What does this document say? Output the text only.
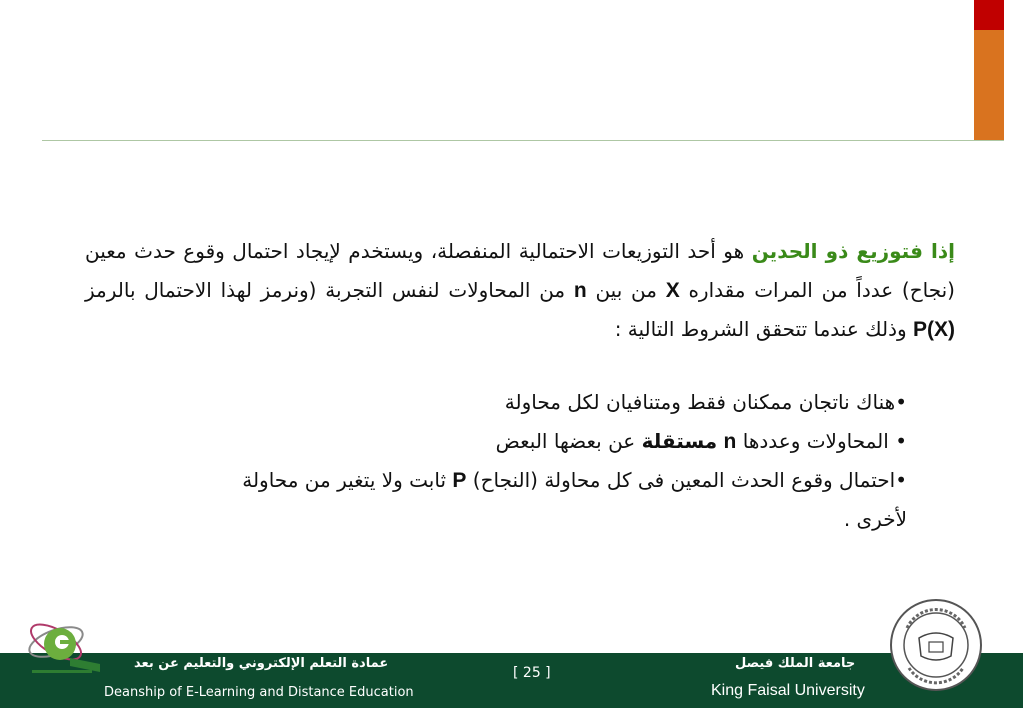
إذا فتوزيع ذو الحدين هو أحد التوزيعات الاحتمالية المنفصلة، ويستخدم لإيجاد احتمال وقوع حدث معين (نجاح) عدداً من المرات مقداره X من بين n من المحاولات لنفس التجربة (ونرمز لهذا الاحتمال بالرمز P(X) وذلك عندما تتحقق الشروط التالية :
•هناك ناتجان ممكنان فقط ومتنافيان لكل محاولة
• المحاولات وعددها n مستقلة عن بعضها البعض
•احتمال وقوع الحدث المعين فى كل محاولة (النجاح) P ثابت ولا يتغير من محاولة
لأخرى .
عمادة التعلم الإلكتروني والتعليم عن بعد
Deanship of E-Learning and Distance Education
[ 25 ]
جامعة الملك فيصل
King Faisal University
